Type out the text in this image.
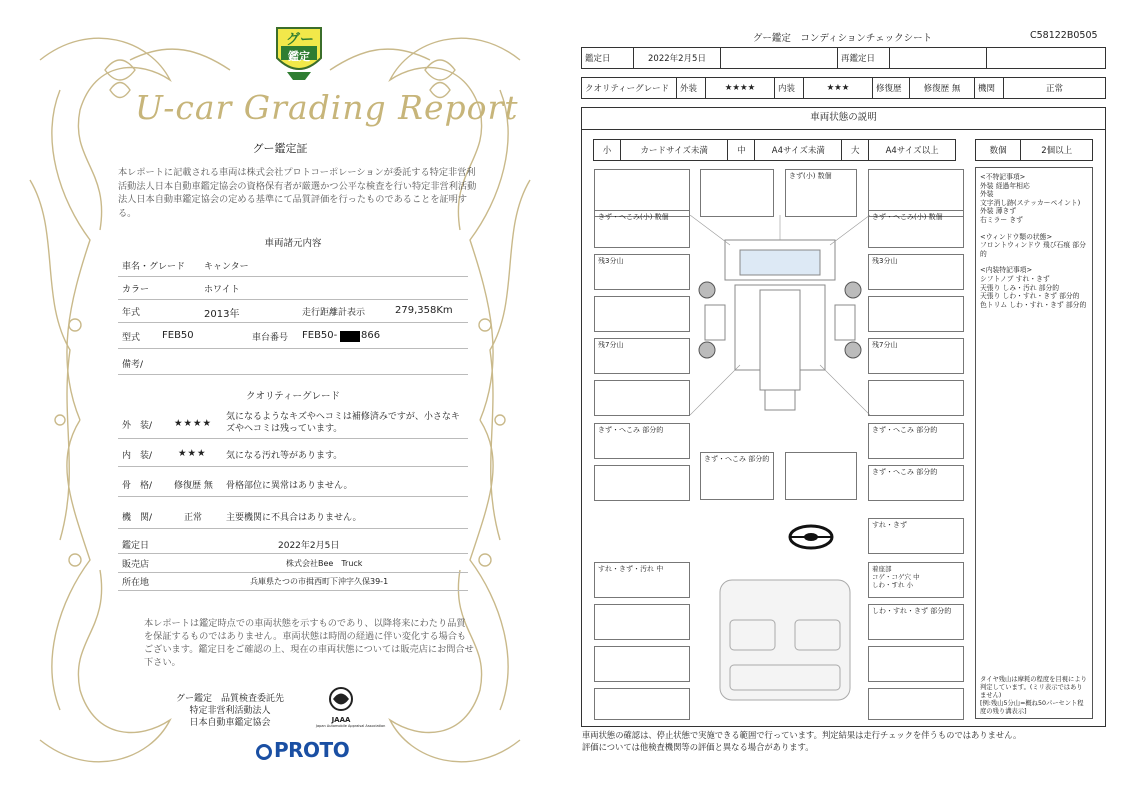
グー
鑑定
U-car Grading Report
グー鑑定証
本レポートに記載される車両は株式会社プロトコーポレーションが委託する特定非営利活動法人日本自動車鑑定協会の資格保有者が厳選かつ公平な検査を行い特定非営利活動法人日本自動車鑑定協会の定める基準にて品質評価を行ったものであることを証明する。
車両諸元内容
車名・グレード キャンター
カラー	ホワイト
年式	2013年	走行距離計表示	279,358Km
型式 FEB50	車台番号 FEB50- 866
備考/
クオリティーグレード
外　装/ ★★★★
気になるようなキズやヘコミは補修済みですが、小さなキズやヘコミは残っています。
内　装/	★★★ 気になる汚れ等があります。
骨　格/ 修復歴 無 骨格部位に異常はありません。
機　関/	正常	主要機関に不具合はありません。
鑑定日	2022年2月5日
販売店	株式会社Bee　Truck
所在地	兵庫県たつの市揖西町下沖字久保39-1
本レポートは鑑定時点での車両状態を示すものであり、以降将来にわたり品質を保証するものではありません。車両状態は時間の経過に伴い変化する場合もございます。鑑定日をご確認の上、現在の車両状態については販売店にお問合せ下さい。
グー鑑定　品質検査委託先
特定非営利活動法人
日本自動車鑑定協会	JAAA
Japan Automobile Appraisal Association
PROTO
グー鑑定　コンディションチェックシート	C58122B0505
鑑定日	2022年2月5日		再鑑定日		
クオリティーグレード	外装	★★★★	内装	★★★	修復歴	修復歴 無	機関	正常
車両状態の説明
小	カードサイズ未満	中	A4サイズ未満	大	A4サイズ以上	数個	2個以上
きず(小) 数個
きず・へこみ(小) 数個	きず・へこみ(小) 数個
残3分山	残3分山
残7分山	残7分山
きず・へこみ 部分的	きず・へこみ 部分的
きず・へこみ 部分的
きず・へこみ 部分的
すれ・きず
すれ・きず・汚れ 中	着座部
コゲ・コゲ穴 中
しわ・すれ 小
しわ・すれ・きず 部分的
<不特記事項>
外装 経過年相応
外装
文字消し跡(ステッカーペイント)
外装 薄きず
右ミラー きず
<ウィンドウ類の状態>
フロントウィンドウ 飛び石痕 部分的
<内装特記事項>
シフトノブ すれ・きず
天張り しみ・汚れ 部分的
天張り しわ・すれ・きず 部分的
色トリム しわ・すれ・きず 部分的
タイヤ残山は摩耗の程度を目視により判定しています。(ミリ表示ではありません)
[例:残山5分山=概ね50パーセント程度の残り溝表示]
車両状態の確認は、停止状態で実施できる範囲で行っています。判定結果は走行チェックを伴うものではありません。
評価については他検査機関等の評価と異なる場合があります。
